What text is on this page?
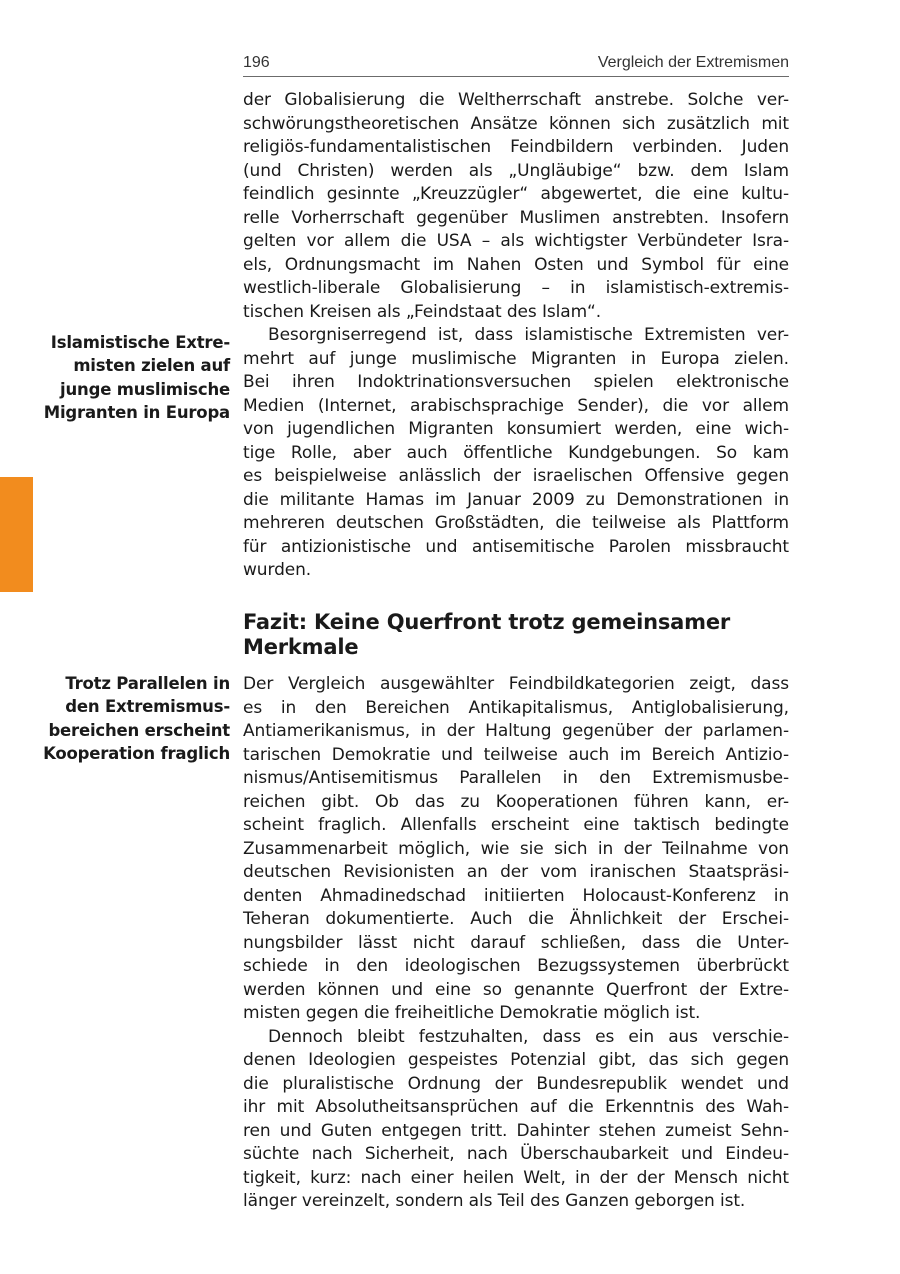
196	Vergleich der Extremismen
Islamistische Extre-
misten zielen auf
junge muslimische
Migranten in Europa
Trotz Parallelen in
den Extremismus-
bereichen erscheint
Kooperation fraglich
der Globalisierung die Weltherrschaft anstrebe. Solche ver-
schwörungstheoretischen Ansätze können sich zusätzlich mit
religiös-fundamentalistischen Feindbildern verbinden. Juden
(und Christen) werden als „Ungläubige“ bzw. dem Islam
feindlich gesinnte „Kreuzzügler“ abgewertet, die eine kultu-
relle Vorherrschaft gegenüber Muslimen anstrebten. Insofern
gelten vor allem die USA – als wichtigster Verbündeter Isra-
els, Ordnungsmacht im Nahen Osten und Symbol für eine
westlich-liberale Globalisierung – in islamistisch-extremis-
tischen Kreisen als „Feindstaat des Islam“.
Besorgniserregend ist, dass islamistische Extremisten ver-
mehrt auf junge muslimische Migranten in Europa zielen.
Bei ihren Indoktrinationsversuchen spielen elektronische
Medien (Internet, arabischsprachige Sender), die vor allem
von jugendlichen Migranten konsumiert werden, eine wich-
tige Rolle, aber auch öffentliche Kundgebungen. So kam
es beispielweise anlässlich der israelischen Offensive gegen
die militante Hamas im Januar 2009 zu Demonstrationen in
mehreren deutschen Großstädten, die teilweise als Plattform
für antizionistische und antisemitische Parolen missbraucht
wurden.
Fazit: Keine Querfront trotz gemeinsamer
Merkmale
Der Vergleich ausgewählter Feindbildkategorien zeigt, dass
es in den Bereichen Antikapitalismus, Antiglobalisierung,
Antiamerikanismus, in der Haltung gegenüber der parlamen-
tarischen Demokratie und teilweise auch im Bereich Antizio-
nismus/Antisemitismus Parallelen in den Extremismusbe-
reichen gibt. Ob das zu Kooperationen führen kann, er-
scheint fraglich. Allenfalls erscheint eine taktisch bedingte
Zusammenarbeit möglich, wie sie sich in der Teilnahme von
deutschen Revisionisten an der vom iranischen Staatspräsi-
denten Ahmadinedschad initiierten Holocaust-Konferenz in
Teheran dokumentierte. Auch die Ähnlichkeit der Erschei-
nungsbilder lässt nicht darauf schließen, dass die Unter-
schiede in den ideologischen Bezugssystemen überbrückt
werden können und eine so genannte Querfront der Extre-
misten gegen die freiheitliche Demokratie möglich ist.
Dennoch bleibt festzuhalten, dass es ein aus verschie-
denen Ideologien gespeistes Potenzial gibt, das sich gegen
die pluralistische Ordnung der Bundesrepublik wendet und
ihr mit Absolutheitsansprüchen auf die Erkenntnis des Wah-
ren und Guten entgegen tritt. Dahinter stehen zumeist Sehn-
süchte nach Sicherheit, nach Überschaubarkeit und Eindeu-
tigkeit, kurz: nach einer heilen Welt, in der der Mensch nicht
länger vereinzelt, sondern als Teil des Ganzen geborgen ist.
